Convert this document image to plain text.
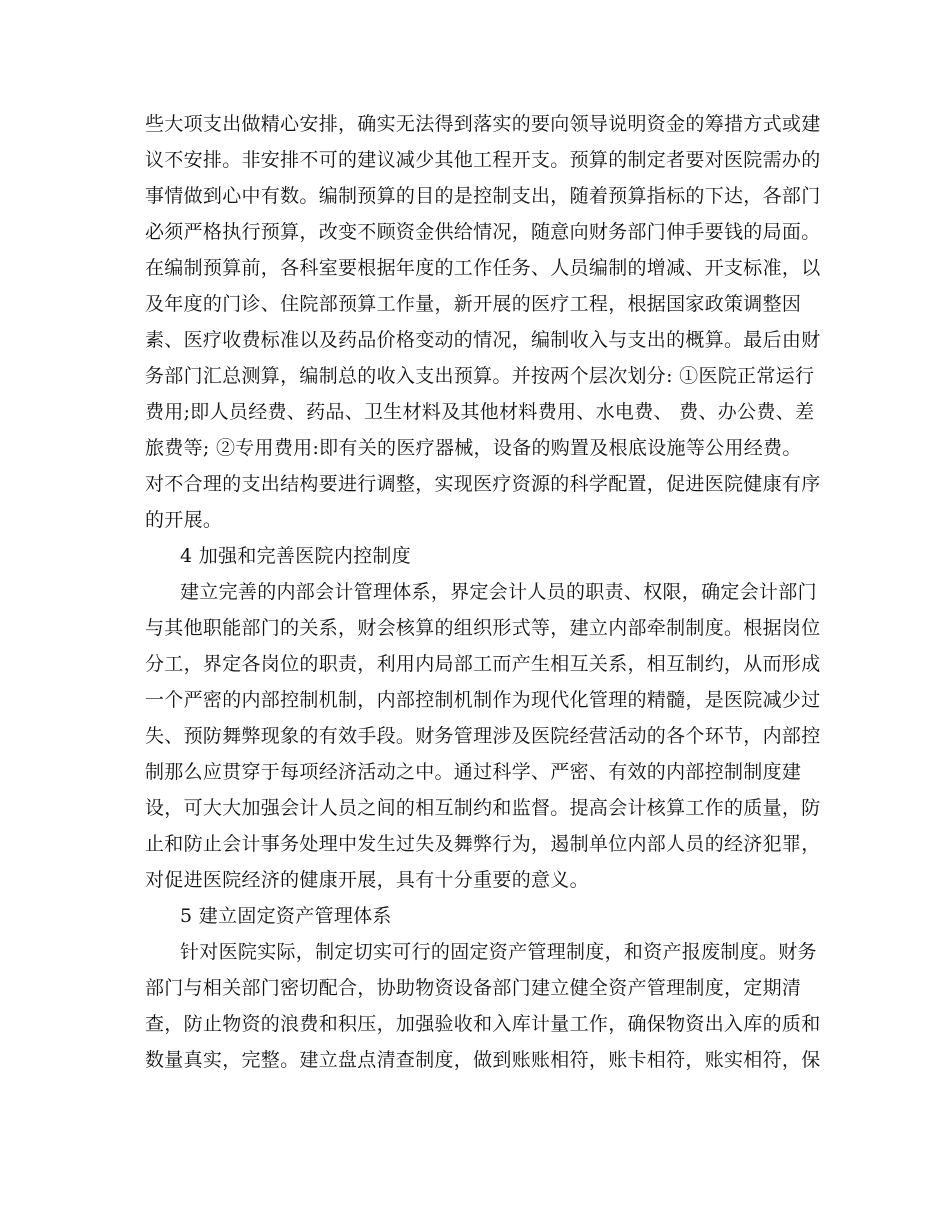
些大项支出做精心安排，确实无法得到落实的要向领导说明资金的筹措方式或建
议不安排。非安排不可的建议减少其他工程开支。预算的制定者要对医院需办的
事情做到心中有数。编制预算的目的是控制支出，随着预算指标的下达，各部门
必须严格执行预算，改变不顾资金供给情况，随意向财务部门伸手要钱的局面。
在编制预算前，各科室要根据年度的工作任务、人员编制的增减、开支标准，以
及年度的门诊、住院部预算工作量，新开展的医疗工程，根据国家政策调整因
素、医疗收费标准以及药品价格变动的情况，编制收入与支出的概算。最后由财
务部门汇总测算，编制总的收入支出预算。并按两个层次划分: ①医院正常运行
费用;即人员经费、药品、卫生材料及其他材料费用、水电费、 费、办公费、差
旅费等; ②专用费用:即有关的医疗器械，设备的购置及根底设施等公用经费。
对不合理的支出结构要进行调整，实现医疗资源的科学配置，促进医院健康有序
的开展。
4 加强和完善医院内控制度
建立完善的内部会计管理体系，界定会计人员的职责、权限，确定会计部门
与其他职能部门的关系，财会核算的组织形式等，建立内部牵制制度。根据岗位
分工，界定各岗位的职责，利用内局部工而产生相互关系，相互制约，从而形成
一个严密的内部控制机制，内部控制机制作为现代化管理的精髓，是医院减少过
失、预防舞弊现象的有效手段。财务管理涉及医院经营活动的各个环节，内部控
制那么应贯穿于每项经济活动之中。通过科学、严密、有效的内部控制制度建
设，可大大加强会计人员之间的相互制约和监督。提高会计核算工作的质量，防
止和防止会计事务处理中发生过失及舞弊行为，遏制单位内部人员的经济犯罪，
对促进医院经济的健康开展，具有十分重要的意义。
5 建立固定资产管理体系
针对医院实际，制定切实可行的固定资产管理制度，和资产报废制度。财务
部门与相关部门密切配合，协助物资设备部门建立健全资产管理制度，定期清
查，防止物资的浪费和积压，加强验收和入库计量工作，确保物资出入库的质和
数量真实，完整。建立盘点清查制度，做到账账相符，账卡相符，账实相符，保
